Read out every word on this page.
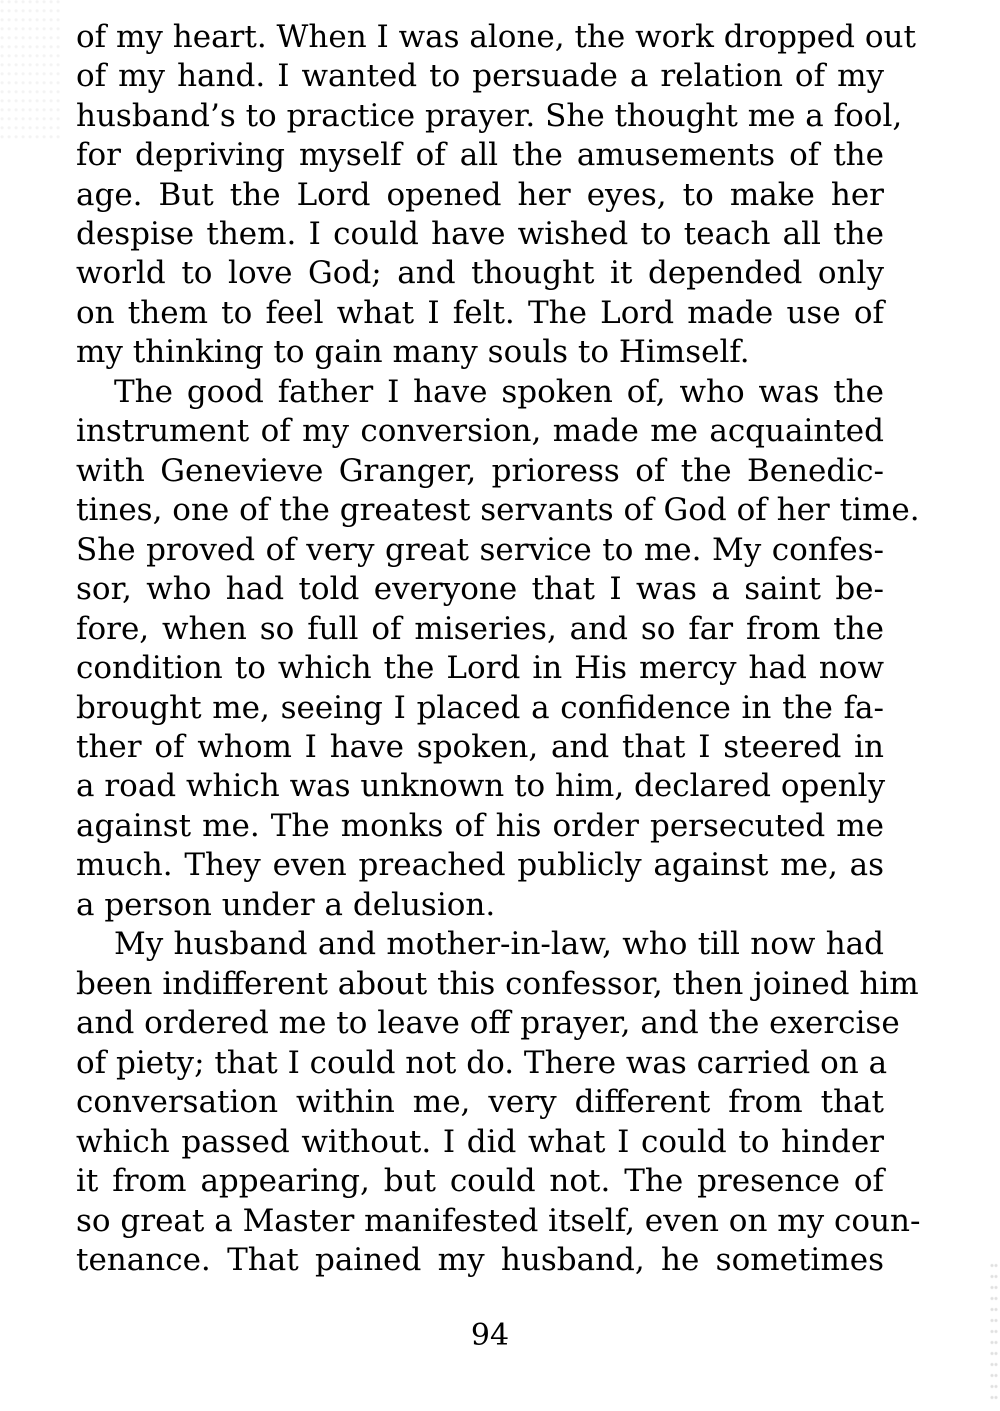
of my heart. When I was alone, the work dropped out
of my hand. I wanted to persuade a relation of my
husband’s to practice prayer. She thought me a fool,
for depriving myself of all the amusements of the
age. But the Lord opened her eyes, to make her
despise them. I could have wished to teach all the
world to love God; and thought it depended only
on them to feel what I felt. The Lord made use of
my thinking to gain many souls to Himself.
The good father I have spoken of, who was the
instrument of my conversion, made me acquainted
with Genevieve Granger, prioress of the Benedic-
tines, one of the greatest servants of God of her time.
She proved of very great service to me. My confes-
sor, who had told everyone that I was a saint be-
fore, when so full of miseries, and so far from the
condition to which the Lord in His mercy had now
brought me, seeing I placed a confidence in the fa-
ther of whom I have spoken, and that I steered in
a road which was unknown to him, declared openly
against me. The monks of his order persecuted me
much. They even preached publicly against me, as
a person under a delusion.
My husband and mother-in-law, who till now had
been indifferent about this confessor, then joined him
and ordered me to leave off prayer, and the exercise
of piety; that I could not do. There was carried on a
conversation within me, very different from that
which passed without. I did what I could to hinder
it from appearing, but could not. The presence of
so great a Master manifested itself, even on my coun-
tenance. That pained my husband, he sometimes
94
